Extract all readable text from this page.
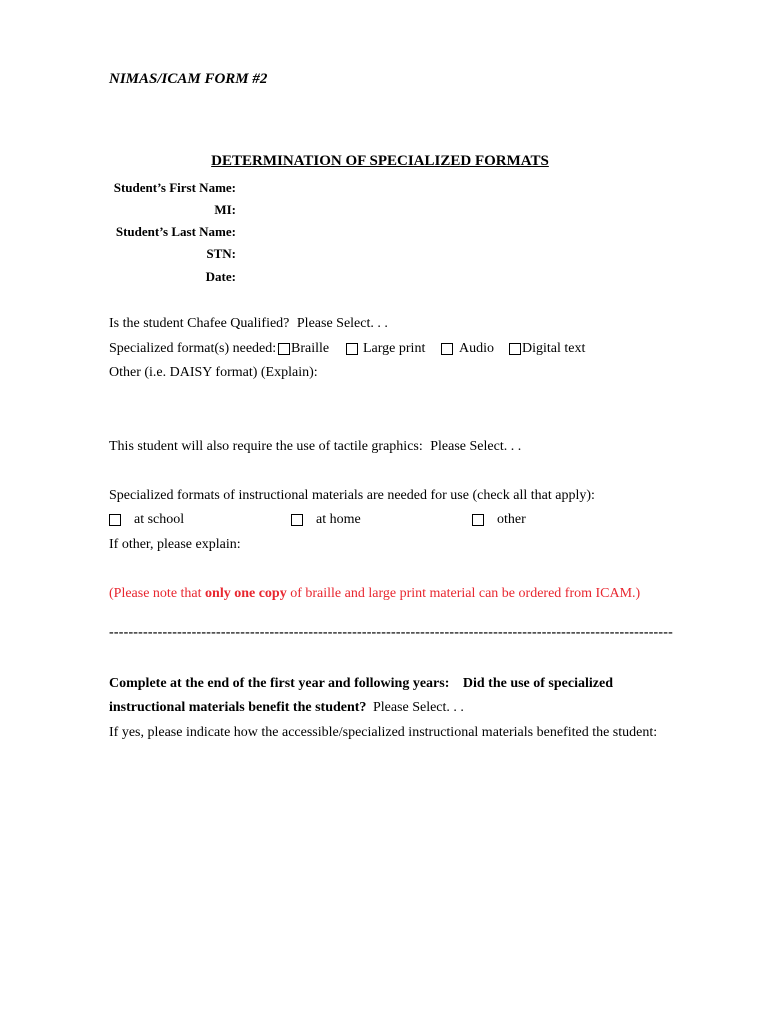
NIMAS/ICAM FORM #2
DETERMINATION OF SPECIALIZED FORMATS
Student’s First Name:
MI:
Student’s Last Name:
STN:
Date:
Is the student Chafee Qualified? Please Select. . .
Specialized format(s) needed: Braille Large print Audio Digital text
Other (i.e. DAISY format) (Explain):
This student will also require the use of tactile graphics: Please Select. . .
Specialized formats of instructional materials are needed for use (check all that apply):
at school	at home	other
If other, please explain:
(Please note that only one copy of braille and large print material can be ordered from ICAM.)
--------------------------------------------------------------------------------------------------------------------
Complete at the end of the first year and following years: Did the use of specialized
instructional materials benefit the student? Please Select. . .
If yes, please indicate how the accessible/specialized instructional materials benefited the student:
